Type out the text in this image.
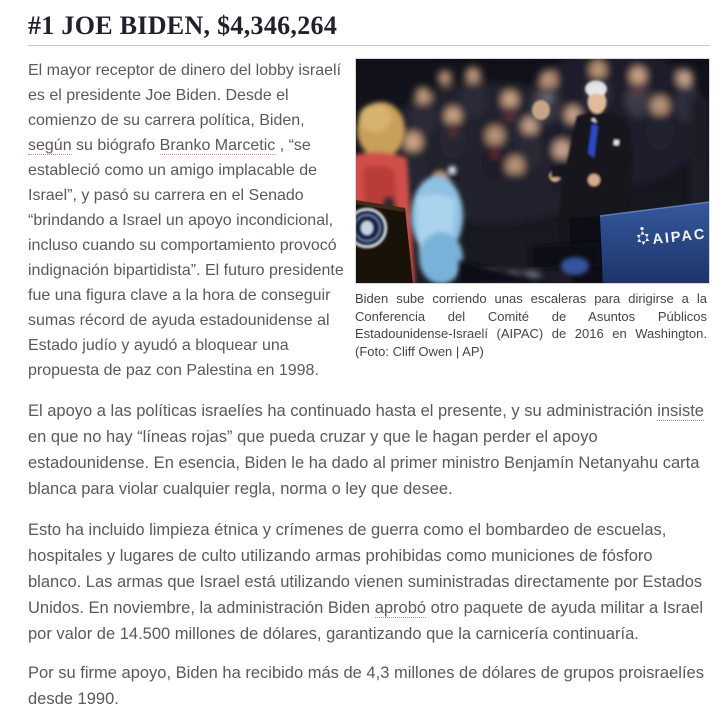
#1 JOE BIDEN, $4,346,264

El mayor receptor de dinero del lobby israelí es el presidente Joe Biden. Desde el comienzo de su carrera política, Biden, según su biógrafo Branko Marcetic , “se estableció como un amigo implacable de Israel”, y pasó su carrera en el Senado “brindando a Israel un apoyo incondicional, incluso cuando su comportamiento provocó indignación bipartidista”. El futuro presidente fue una figura clave a la hora de conseguir sumas récord de ayuda estadounidense al Estado judío y ayudó a bloquear una propuesta de paz con Palestina en 1998.

AIPAC
Biden sube corriendo unas escaleras para dirigirse a la Conferencia del Comité de Asuntos Públicos Estadounidense-Israelí (AIPAC) de 2016 en Washington. (Foto: Cliff Owen | AP)

El apoyo a las políticas israelíes ha continuado hasta el presente, y su administración insiste en que no hay “líneas rojas” que pueda cruzar y que le hagan perder el apoyo estadounidense. En esencia, Biden le ha dado al primer ministro Benjamín Netanyahu carta blanca para violar cualquier regla, norma o ley que desee.

Esto ha incluido limpieza étnica y crímenes de guerra como el bombardeo de escuelas, hospitales y lugares de culto utilizando armas prohibidas como municiones de fósforo blanco. Las armas que Israel está utilizando vienen suministradas directamente por Estados Unidos. En noviembre, la administración Biden aprobó otro paquete de ayuda militar a Israel por valor de 14.500 millones de dólares, garantizando que la carnicería continuaría.

Por su firme apoyo, Biden ha recibido más de 4,3 millones de dólares de grupos proisraelíes desde 1990.
